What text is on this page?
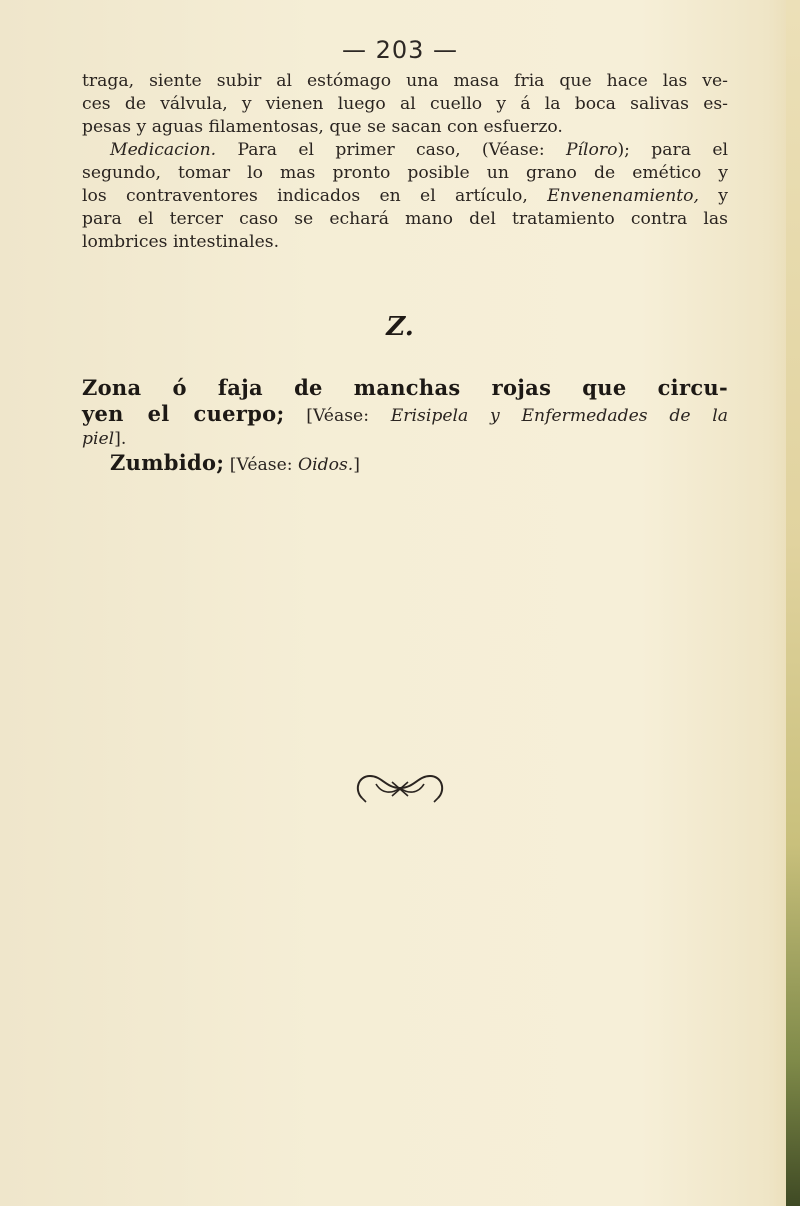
— 203 —
traga, siente subir al estómago una masa fria que hace las ve-
ces de válvula, y vienen luego al cuello y á la boca salivas es-
pesas y aguas filamentosas, que se sacan con esfuerzo.
Medicacion. Para el primer caso, (Véase: Píloro); para el
segundo, tomar lo mas pronto posible un grano de emético y
los contraventores indicados en el artículo, Envenenamiento, y
para el tercer caso se echará mano del tratamiento contra las
lombrices intestinales.
Z.
Zona ó faja de manchas rojas que circu-
yen el cuerpo; [Véase: Erisipela y Enfermedades de la
piel].
Zumbido; [Véase: Oidos.]
